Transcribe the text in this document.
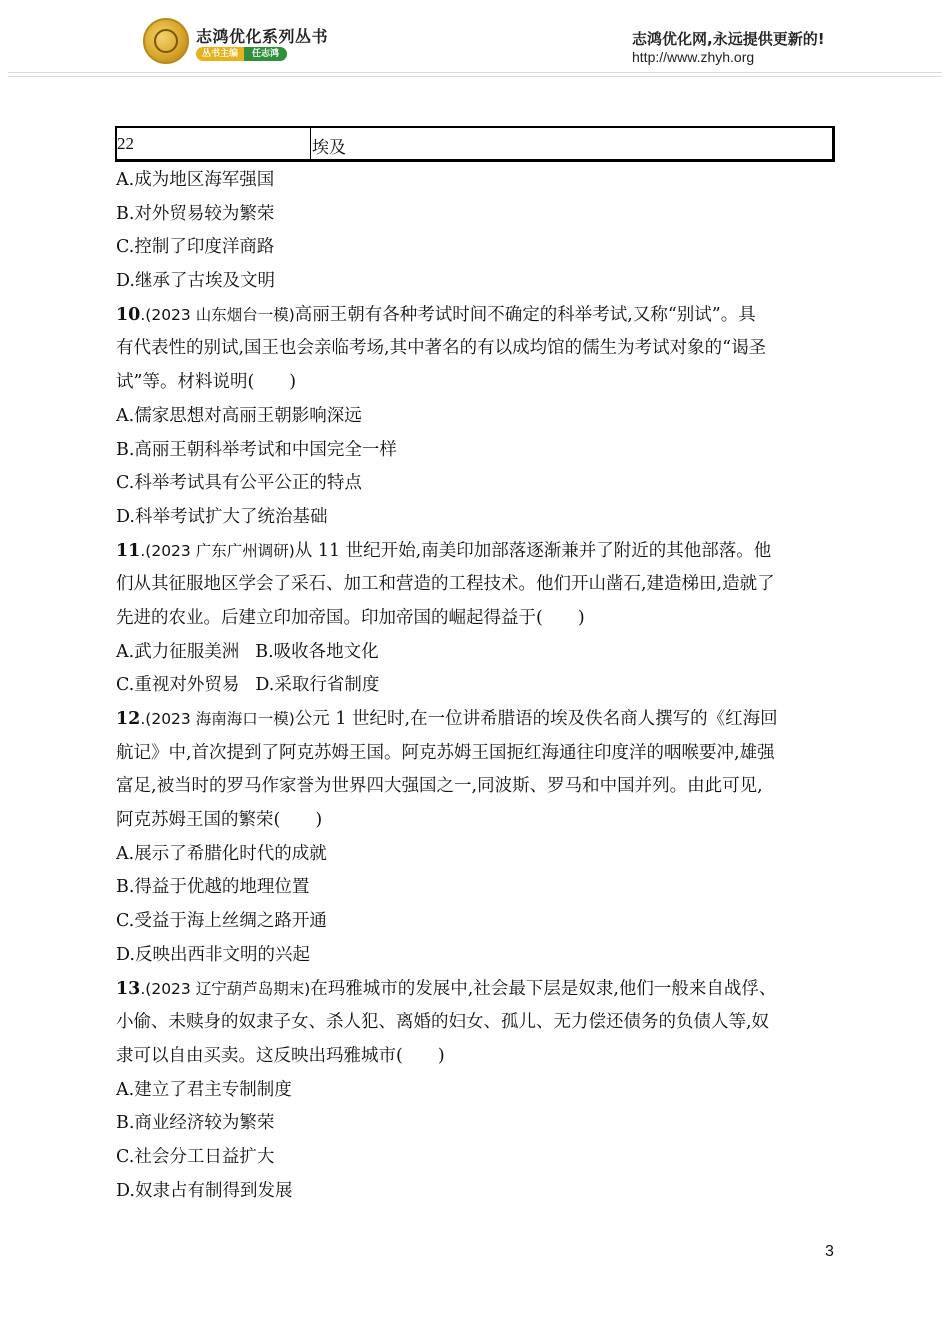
志鸿优化系列丛书
丛书主编	任志鸿
志鸿优化网,永远提供更新的!
http://www.zhyh.org
22	埃及
A.成为地区海军强国
B.对外贸易较为繁荣
C.控制了印度洋商路
D.继承了古埃及文明
10.(2023 山东烟台一模)高丽王朝有各种考试时间不确定的科举考试,又称“别试”。具
有代表性的别试,国王也会亲临考场,其中著名的有以成均馆的儒生为考试对象的“谒圣
试”等。材料说明(　　)
A.儒家思想对高丽王朝影响深远
B.高丽王朝科举考试和中国完全一样
C.科举考试具有公平公正的特点
D.科举考试扩大了统治基础
11.(2023 广东广州调研)从 11 世纪开始,南美印加部落逐渐兼并了附近的其他部落。他
们从其征服地区学会了采石、加工和营造的工程技术。他们开山凿石,建造梯田,造就了
先进的农业。后建立印加帝国。印加帝国的崛起得益于(　　)
A.武力征服美洲 B.吸收各地文化
C.重视对外贸易 D.采取行省制度
12.(2023 海南海口一模)公元 1 世纪时,在一位讲希腊语的埃及佚名商人撰写的《红海回
航记》中,首次提到了阿克苏姆王国。阿克苏姆王国扼红海通往印度洋的咽喉要冲,雄强
富足,被当时的罗马作家誉为世界四大强国之一,同波斯、罗马和中国并列。由此可见,
阿克苏姆王国的繁荣(　　)
A.展示了希腊化时代的成就
B.得益于优越的地理位置
C.受益于海上丝绸之路开通
D.反映出西非文明的兴起
13.(2023 辽宁葫芦岛期末)在玛雅城市的发展中,社会最下层是奴隶,他们一般来自战俘、
小偷、未赎身的奴隶子女、杀人犯、离婚的妇女、孤儿、无力偿还债务的负债人等,奴
隶可以自由买卖。这反映出玛雅城市(　　)
A.建立了君主专制制度
B.商业经济较为繁荣
C.社会分工日益扩大
D.奴隶占有制得到发展
3
